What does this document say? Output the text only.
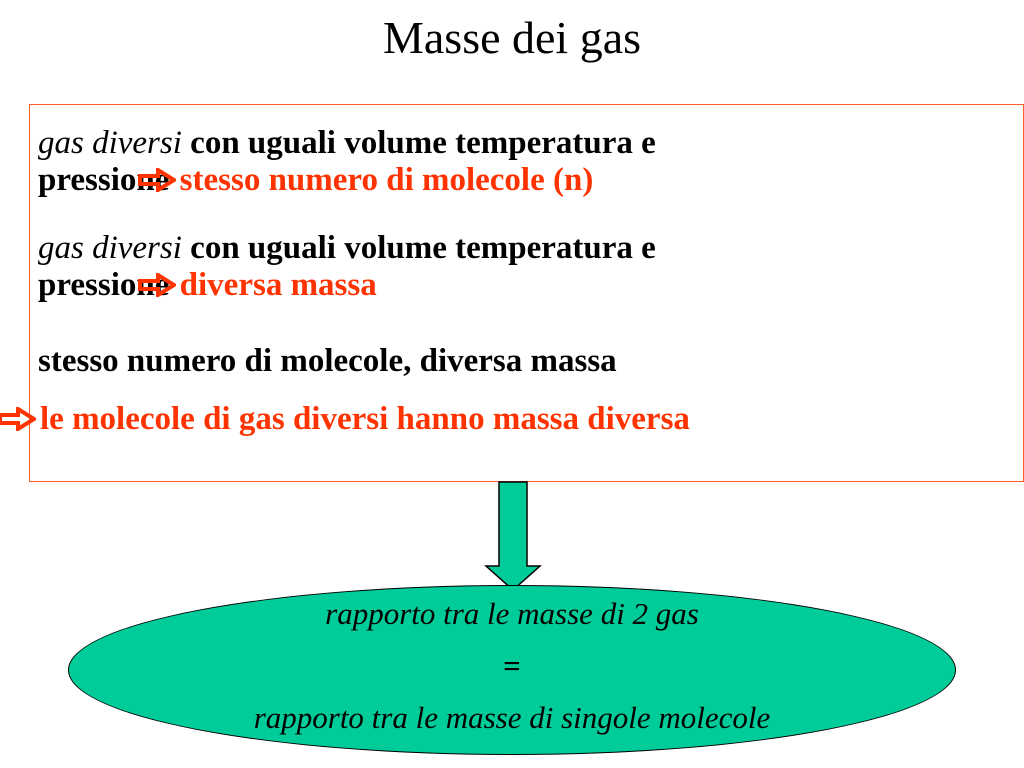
Masse dei gas
gas diversi con uguali volume temperatura e
pressione stesso numero di molecole (n)
gas diversi con uguali volume temperatura e
pressione diversa massa
stesso numero di molecole, diversa massa
le molecole di gas diversi hanno massa diversa
rapporto tra le masse di 2 gas
=
rapporto tra le masse di singole molecole
